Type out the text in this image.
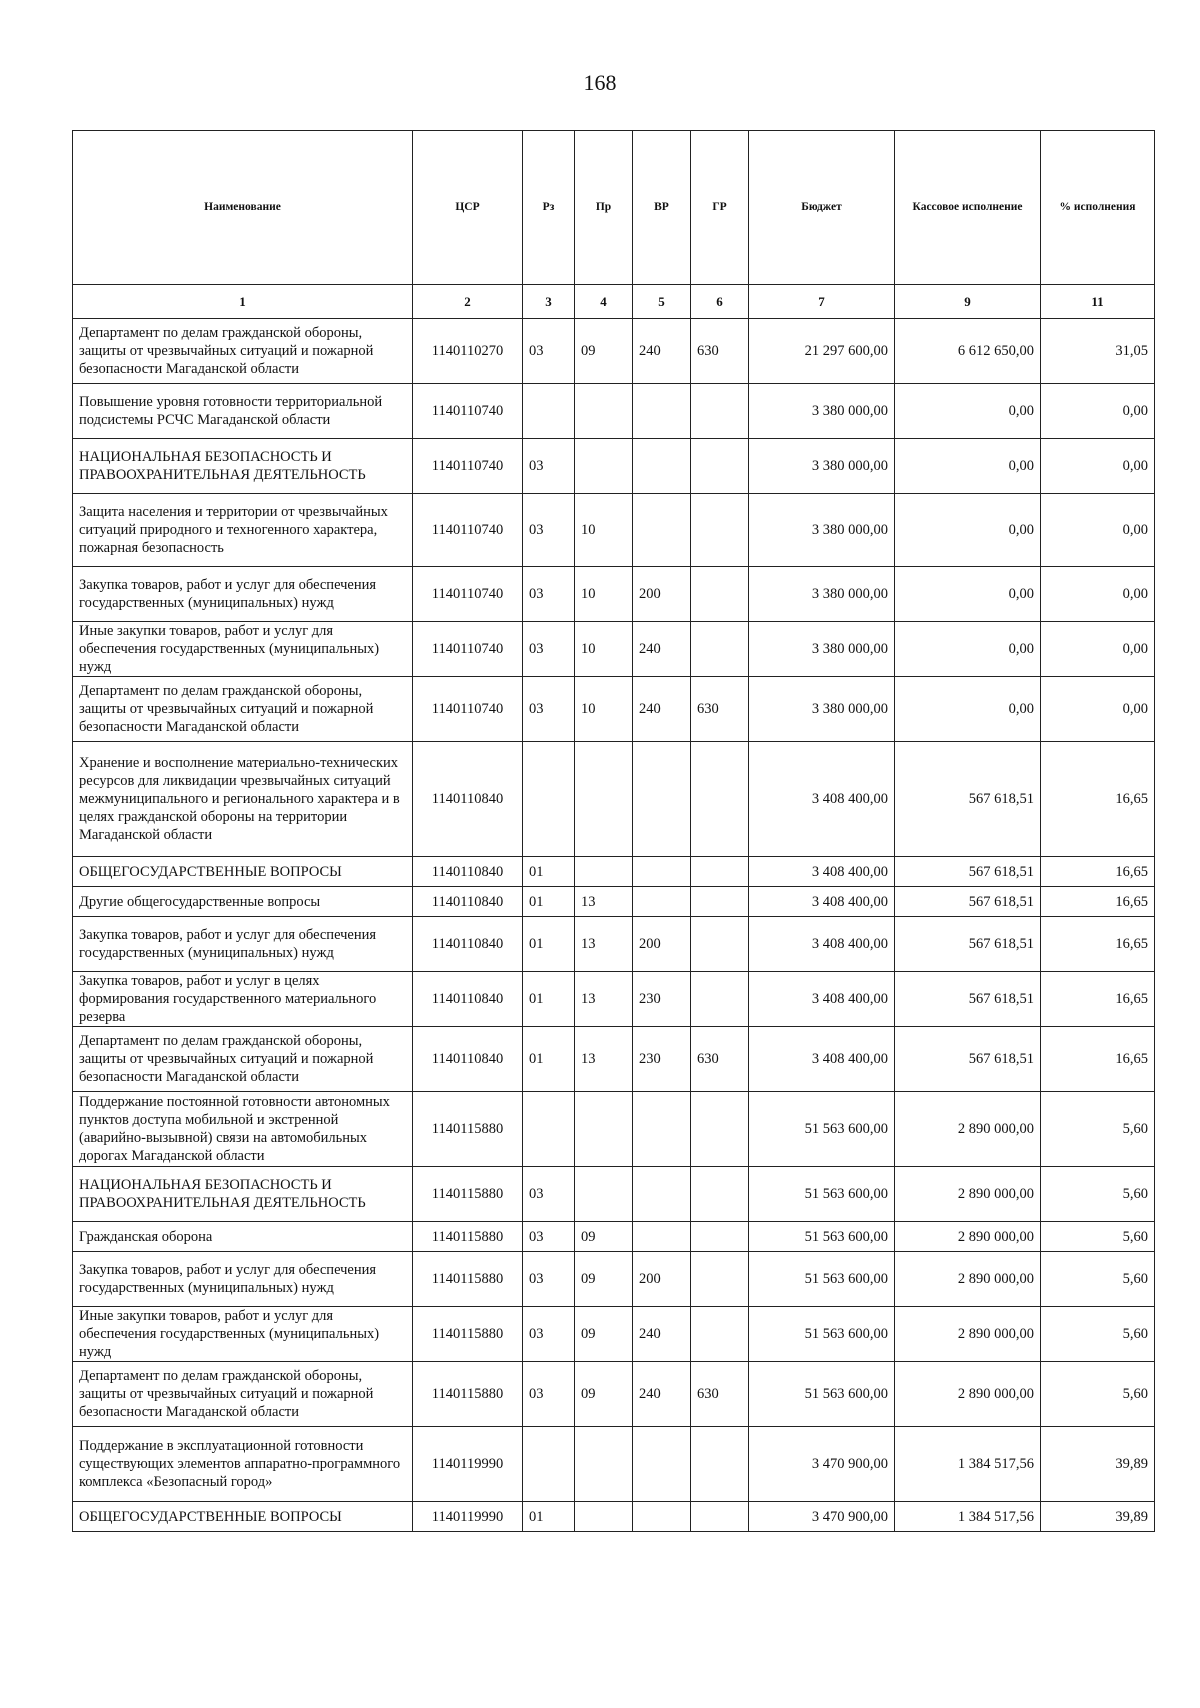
168
Наименование	ЦСР	Рз	Пр	ВР	ГР	Бюджет	Кассовое исполнение	% исполнения
1	2	3	4	5	6	7	9	11
Департамент по делам гражданской обороны, защиты от чрезвычайных ситуаций и пожарной безопасности Магаданской области	1140110270	03	09	240	630	21 297 600,00	6 612 650,00	31,05
Повышение уровня готовности территориальной подсистемы РСЧС Магаданской области	1140110740					3 380 000,00	0,00	0,00
НАЦИОНАЛЬНАЯ БЕЗОПАСНОСТЬ И ПРАВООХРАНИТЕЛЬНАЯ ДЕЯТЕЛЬНОСТЬ	1140110740	03				3 380 000,00	0,00	0,00
Защита населения и территории от чрезвычайных ситуаций природного и техногенного характера, пожарная безопасность	1140110740	03	10			3 380 000,00	0,00	0,00
Закупка товаров, работ и услуг для обеспечения государственных (муниципальных) нужд	1140110740	03	10	200		3 380 000,00	0,00	0,00
Иные закупки товаров, работ и услуг для обеспечения государственных (муниципальных) нужд	1140110740	03	10	240		3 380 000,00	0,00	0,00
Департамент по делам гражданской обороны, защиты от чрезвычайных ситуаций и пожарной безопасности Магаданской области	1140110740	03	10	240	630	3 380 000,00	0,00	0,00
Хранение и восполнение материально-технических ресурсов для ликвидации чрезвычайных ситуаций межмуниципального и регионального характера и в целях гражданской обороны на территории Магаданской области	1140110840					3 408 400,00	567 618,51	16,65
ОБЩЕГОСУДАРСТВЕННЫЕ ВОПРОСЫ	1140110840	01				3 408 400,00	567 618,51	16,65
Другие общегосударственные вопросы	1140110840	01	13			3 408 400,00	567 618,51	16,65
Закупка товаров, работ и услуг для обеспечения государственных (муниципальных) нужд	1140110840	01	13	200		3 408 400,00	567 618,51	16,65
Закупка товаров, работ и услуг в целях формирования государственного материального резерва	1140110840	01	13	230		3 408 400,00	567 618,51	16,65
Департамент по делам гражданской обороны, защиты от чрезвычайных ситуаций и пожарной безопасности Магаданской области	1140110840	01	13	230	630	3 408 400,00	567 618,51	16,65
Поддержание постоянной готовности автономных пунктов доступа мобильной и экстренной (аварийно-вызывной) связи на автомобильных дорогах Магаданской области	1140115880					51 563 600,00	2 890 000,00	5,60
НАЦИОНАЛЬНАЯ БЕЗОПАСНОСТЬ И ПРАВООХРАНИТЕЛЬНАЯ ДЕЯТЕЛЬНОСТЬ	1140115880	03				51 563 600,00	2 890 000,00	5,60
Гражданская оборона	1140115880	03	09			51 563 600,00	2 890 000,00	5,60
Закупка товаров, работ и услуг для обеспечения государственных (муниципальных) нужд	1140115880	03	09	200		51 563 600,00	2 890 000,00	5,60
Иные закупки товаров, работ и услуг для обеспечения государственных (муниципальных) нужд	1140115880	03	09	240		51 563 600,00	2 890 000,00	5,60
Департамент по делам гражданской обороны, защиты от чрезвычайных ситуаций и пожарной безопасности Магаданской области	1140115880	03	09	240	630	51 563 600,00	2 890 000,00	5,60
Поддержание в эксплуатационной готовности существующих элементов аппаратно-программного комплекса «Безопасный город»	1140119990					3 470 900,00	1 384 517,56	39,89
ОБЩЕГОСУДАРСТВЕННЫЕ ВОПРОСЫ	1140119990	01				3 470 900,00	1 384 517,56	39,89
